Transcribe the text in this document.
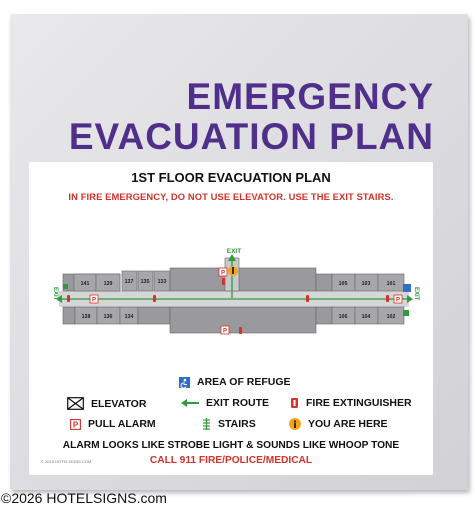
EMERGENCY
EVACUATION PLAN
1ST FLOOR EVACUATION PLAN
IN FIRE EMERGENCY, DO NOT USE ELEVATOR. USE THE EXIT STAIRS.
141	139 137 135 133	105	103	101
138	136 134	106	104	102
EXIT
EXIT	EXIT
P
P
P
P
AREA OF REFUGE
ELEVATOR	EXIT ROUTE	FIRE EXTINGUISHER
P PULL ALARM	STAIRS	YOU ARE HERE
ALARM LOOKS LIKE STROBE LIGHT & SOUNDS LIKE WHOOP TONE
CALL 911 FIRE/POLICE/MEDICAL
© 2015 HOTELSIGNS.COM
©2026 HOTELSIGNS.com
